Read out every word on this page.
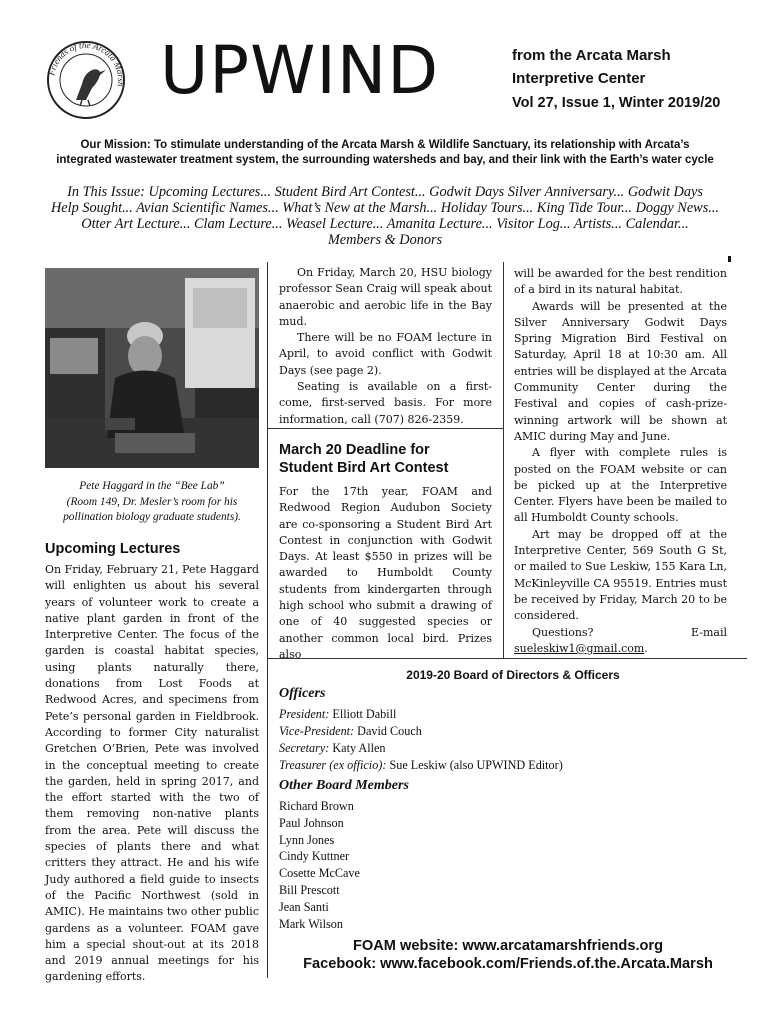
Friends of the Arcata Marsh UPWIND	from the Arcata Marsh
Interpretive Center
Vol 27, Issue 1, Winter 2019/20
Our Mission: To stimulate understanding of the Arcata Marsh & Wildlife Sanctuary, its relationship with Arcata’s
integrated wastewater treatment system, the surrounding watersheds and bay, and their link with the Earth’s water cycle
In This Issue: Upcoming Lectures... Student Bird Art Contest... Godwit Days Silver Anniversary... Godwit Days
Help Sought... Avian Scientific Names... What’s New at the Marsh... Holiday Tours... King Tide Tour... Doggy News...
Otter Art Lecture... Clam Lecture... Weasel Lecture... Amanita Lecture... Visitor Log... Artists... Calendar...
Members & Donors
Pete Haggard in the “Bee Lab”
(Room 149, Dr. Mesler’s room for his
pollination biology graduate students).
Upcoming Lectures

On Friday, February 21, Pete Haggard will enlighten us about his several years of volunteer work to create a native plant garden in front of the Interpretive Center. The focus of the garden is coastal habitat species, using plants naturally there, donations from Lost Foods at Redwood Acres, and specimens from Pete’s personal garden in Fieldbrook. According to former City naturalist Gretchen O’Brien, Pete was involved in the conceptual meeting to create the garden, held in spring 2017, and the effort started with the two of them removing non-native plants from the area. Pete will discuss the species of plants there and what critters they attract. He and his wife Judy authored a field guide to insects of the Pacific Northwest (sold in AMIC). He maintains two other public gardens as a volunteer. FOAM gave him a special shout-out at its 2018 and 2019 annual meetings for his gardening efforts.

On Friday, March 20, HSU biology professor Sean Craig will speak about anaerobic and aerobic life in the Bay mud.

There will be no FOAM lecture in April, to avoid conflict with Godwit Days (see page 2).

Seating is available on a first-come, first-served basis. For more information, call (707) 826-2359.

March 20 Deadline for
Student Bird Art Contest

For the 17th year, FOAM and Redwood Region Audubon Society are co-sponsoring a Student Bird Art Contest in conjunction with Godwit Days. At least $550 in prizes will be awarded to Humboldt County students from kindergarten through high school who submit a drawing of one of 40 suggested species or another common local bird. Prizes also

will be awarded for the best rendition of a bird in its natural habitat.

Awards will be presented at the Silver Anniversary Godwit Days Spring Migration Bird Festival on Saturday, April 18 at 10:30 am. All entries will be displayed at the Arcata Community Center during the Festival and copies of cash-prize-winning artwork will be shown at AMIC during May and June.

A flyer with complete rules is posted on the FOAM website or can be picked up at the Interpretive Center. Flyers have been be mailed to all Humboldt County schools.

Art may be dropped off at the Interpretive Center, 569 South G St, or mailed to Sue Leskiw, 155 Kara Ln, McKinleyville CA 95519. Entries must be received by Friday, March 20 to be considered.

Questions? E-mail sueleskiw1@gmail.com.

2019-20 Board of Directors & Officers
Officers
President: Elliott Dabill
Vice-President: David Couch
Secretary: Katy Allen
Treasurer (ex officio): Sue Leskiw (also UPWIND Editor)
Other Board Members
Richard Brown
Paul Johnson
Lynn Jones
Cindy Kuttner
Cosette McCave
Bill Prescott
Jean Santi
Mark Wilson
FOAM website: www.arcatamarshfriends.org
Facebook: www.facebook.com/Friends.of.the.Arcata.Marsh
